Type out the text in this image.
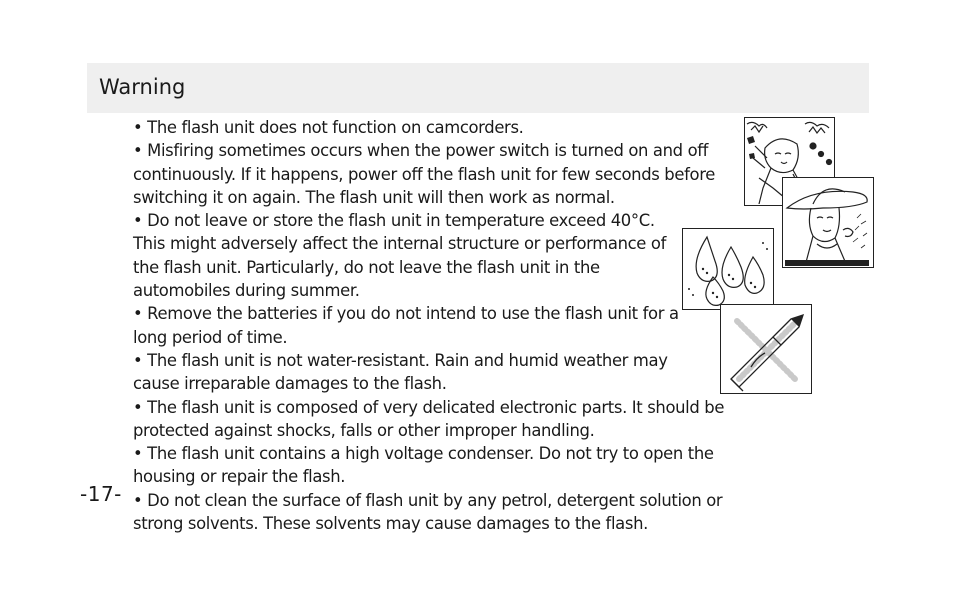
Warning

• The flash unit does not function on camcorders.

• Misfiring sometimes occurs when the power switch is turned on and off continuously. If it happens, power off the flash unit for few seconds before switching it on again. The flash unit will then work as normal.

• Do not leave or store the flash unit in temperature exceed 40°C. This might adversely affect the internal structure or performance of the flash unit. Particularly, do not leave the flash unit in the automobiles during summer.

• Remove the batteries if you do not intend to use the flash unit for a long period of time.

• The flash unit is not water-resistant. Rain and humid weather may cause irreparable damages to the flash.

• The flash unit is composed of very delicated electronic parts. It should be protected against shocks, falls or other improper handling.

• The flash unit contains a high voltage condenser. Do not try to open the housing or repair the flash.

• Do not clean the surface of flash unit by any petrol, detergent solution or strong solvents. These solvents may cause damages to the flash.

-17-
